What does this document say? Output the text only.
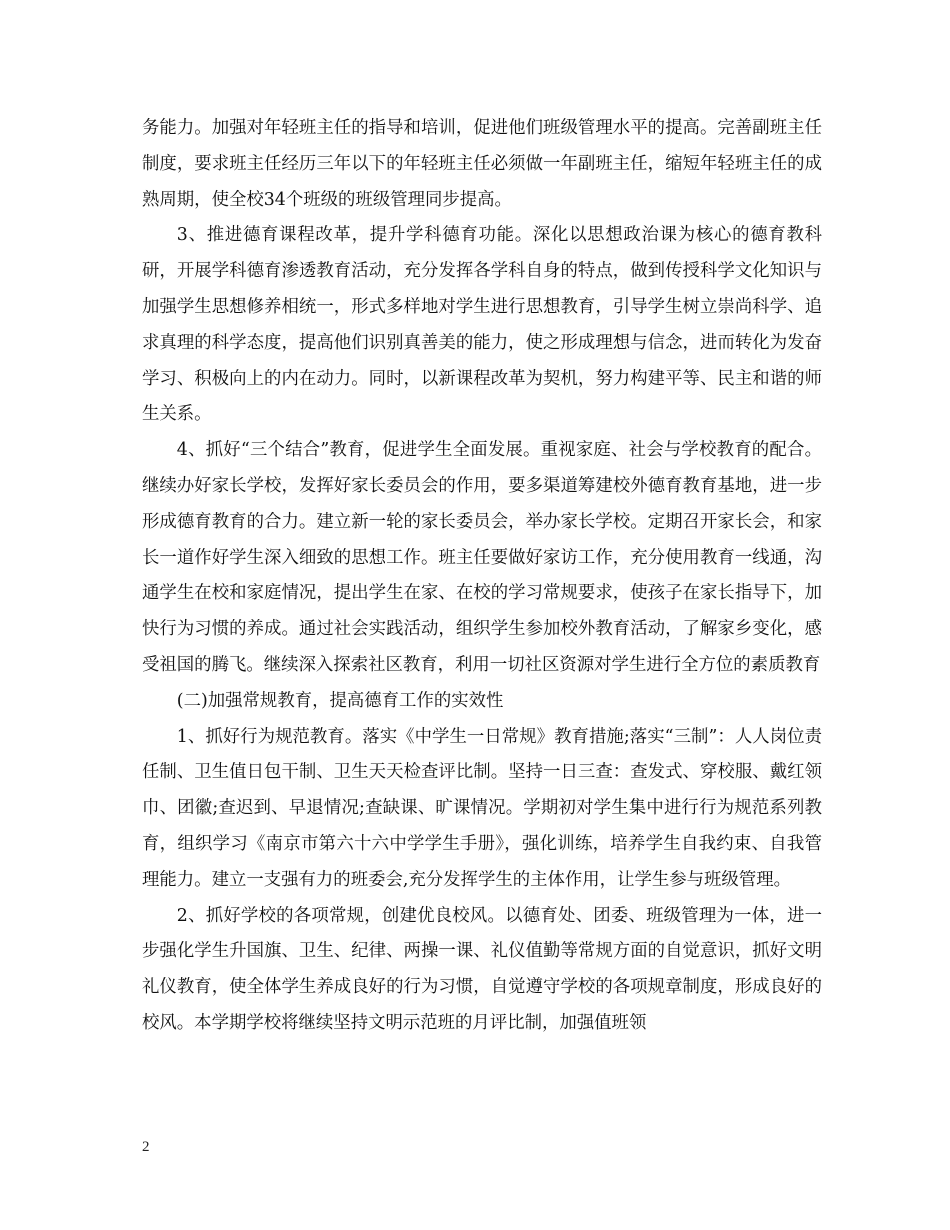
务能力。加强对年轻班主任的指导和培训，促进他们班级管理水平的提高。完善副班主任制度，要求班主任经历三年以下的年轻班主任必须做一年副班主任，缩短年轻班主任的成熟周期，使全校34个班级的班级管理同步提高。

3、推进德育课程改革，提升学科德育功能。深化以思想政治课为核心的德育教科研，开展学科德育渗透教育活动，充分发挥各学科自身的特点，做到传授科学文化知识与加强学生思想修养相统一，形式多样地对学生进行思想教育，引导学生树立崇尚科学、追求真理的科学态度，提高他们识别真善美的能力，使之形成理想与信念，进而转化为发奋学习、积极向上的内在动力。同时，以新课程改革为契机，努力构建平等、民主和谐的师生关系。

4、抓好“三个结合”教育，促进学生全面发展。重视家庭、社会与学校教育的配合。继续办好家长学校，发挥好家长委员会的作用，要多渠道筹建校外德育教育基地，进一步形成德育教育的合力。建立新一轮的家长委员会，举办家长学校。定期召开家长会，和家长一道作好学生深入细致的思想工作。班主任要做好家访工作，充分使用教育一线通，沟通学生在校和家庭情况，提出学生在家、在校的学习常规要求，使孩子在家长指导下，加快行为习惯的养成。通过社会实践活动，组织学生参加校外教育活动，了解家乡变化，感受祖国的腾飞。继续深入探索社区教育，利用一切社区资源对学生进行全方位的素质教育

(二)加强常规教育，提高德育工作的实效性

1、抓好行为规范教育。落实《中学生一日常规》教育措施;落实“三制”：人人岗位责任制、卫生值日包干制、卫生天天检查评比制。坚持一日三查：查发式、穿校服、戴红领巾、团徽;查迟到、早退情况;查缺课、旷课情况。学期初对学生集中进行行为规范系列教育，组织学习《南京市第六十六中学学生手册》，强化训练，培养学生自我约束、自我管理能力。建立一支强有力的班委会,充分发挥学生的主体作用，让学生参与班级管理。

2、抓好学校的各项常规，创建优良校风。以德育处、团委、班级管理为一体，进一步强化学生升国旗、卫生、纪律、两操一课、礼仪值勤等常规方面的自觉意识，抓好文明礼仪教育，使全体学生养成良好的行为习惯，自觉遵守学校的各项规章制度，形成良好的校风。本学期学校将继续坚持文明示范班的月评比制，加强值班领

2
